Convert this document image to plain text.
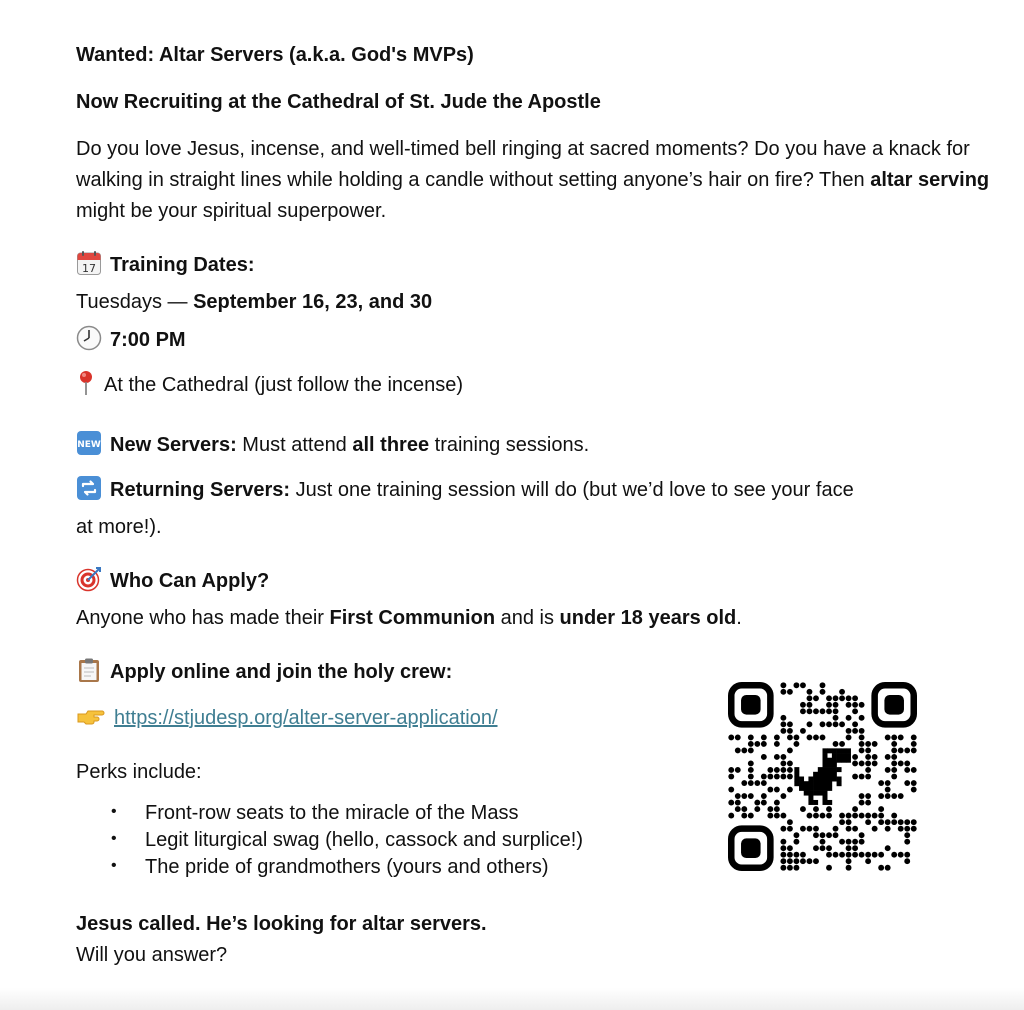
Wanted: Altar Servers (a.k.a. God's MVPs)
Now Recruiting at the Cathedral of St. Jude the Apostle
Do you love Jesus, incense, and well-timed bell ringing at sacred moments? Do you have a knack for walking in straight lines while holding a candle without setting anyone’s hair on fire? Then altar serving might be your spiritual superpower.
17 Training Dates:
Tuesdays — September 16, 23, and 30
7:00 PM
At the Cathedral (just follow the incense)
NEW New Servers: Must attend all three training sessions.
Returning Servers: Just one training session will do (but we’d love to see your face
at more!).
Who Can Apply?
Anyone who has made their First Communion and is under 18 years old.
Apply online and join the holy crew:
https://stjudesp.org/alter-server-application/
Perks include:
• Front-row seats to the miracle of the Mass
• Legit liturgical swag (hello, cassock and surplice!)
• The pride of grandmothers (yours and others)
Jesus called. He’s looking for altar servers.
Will you answer?
